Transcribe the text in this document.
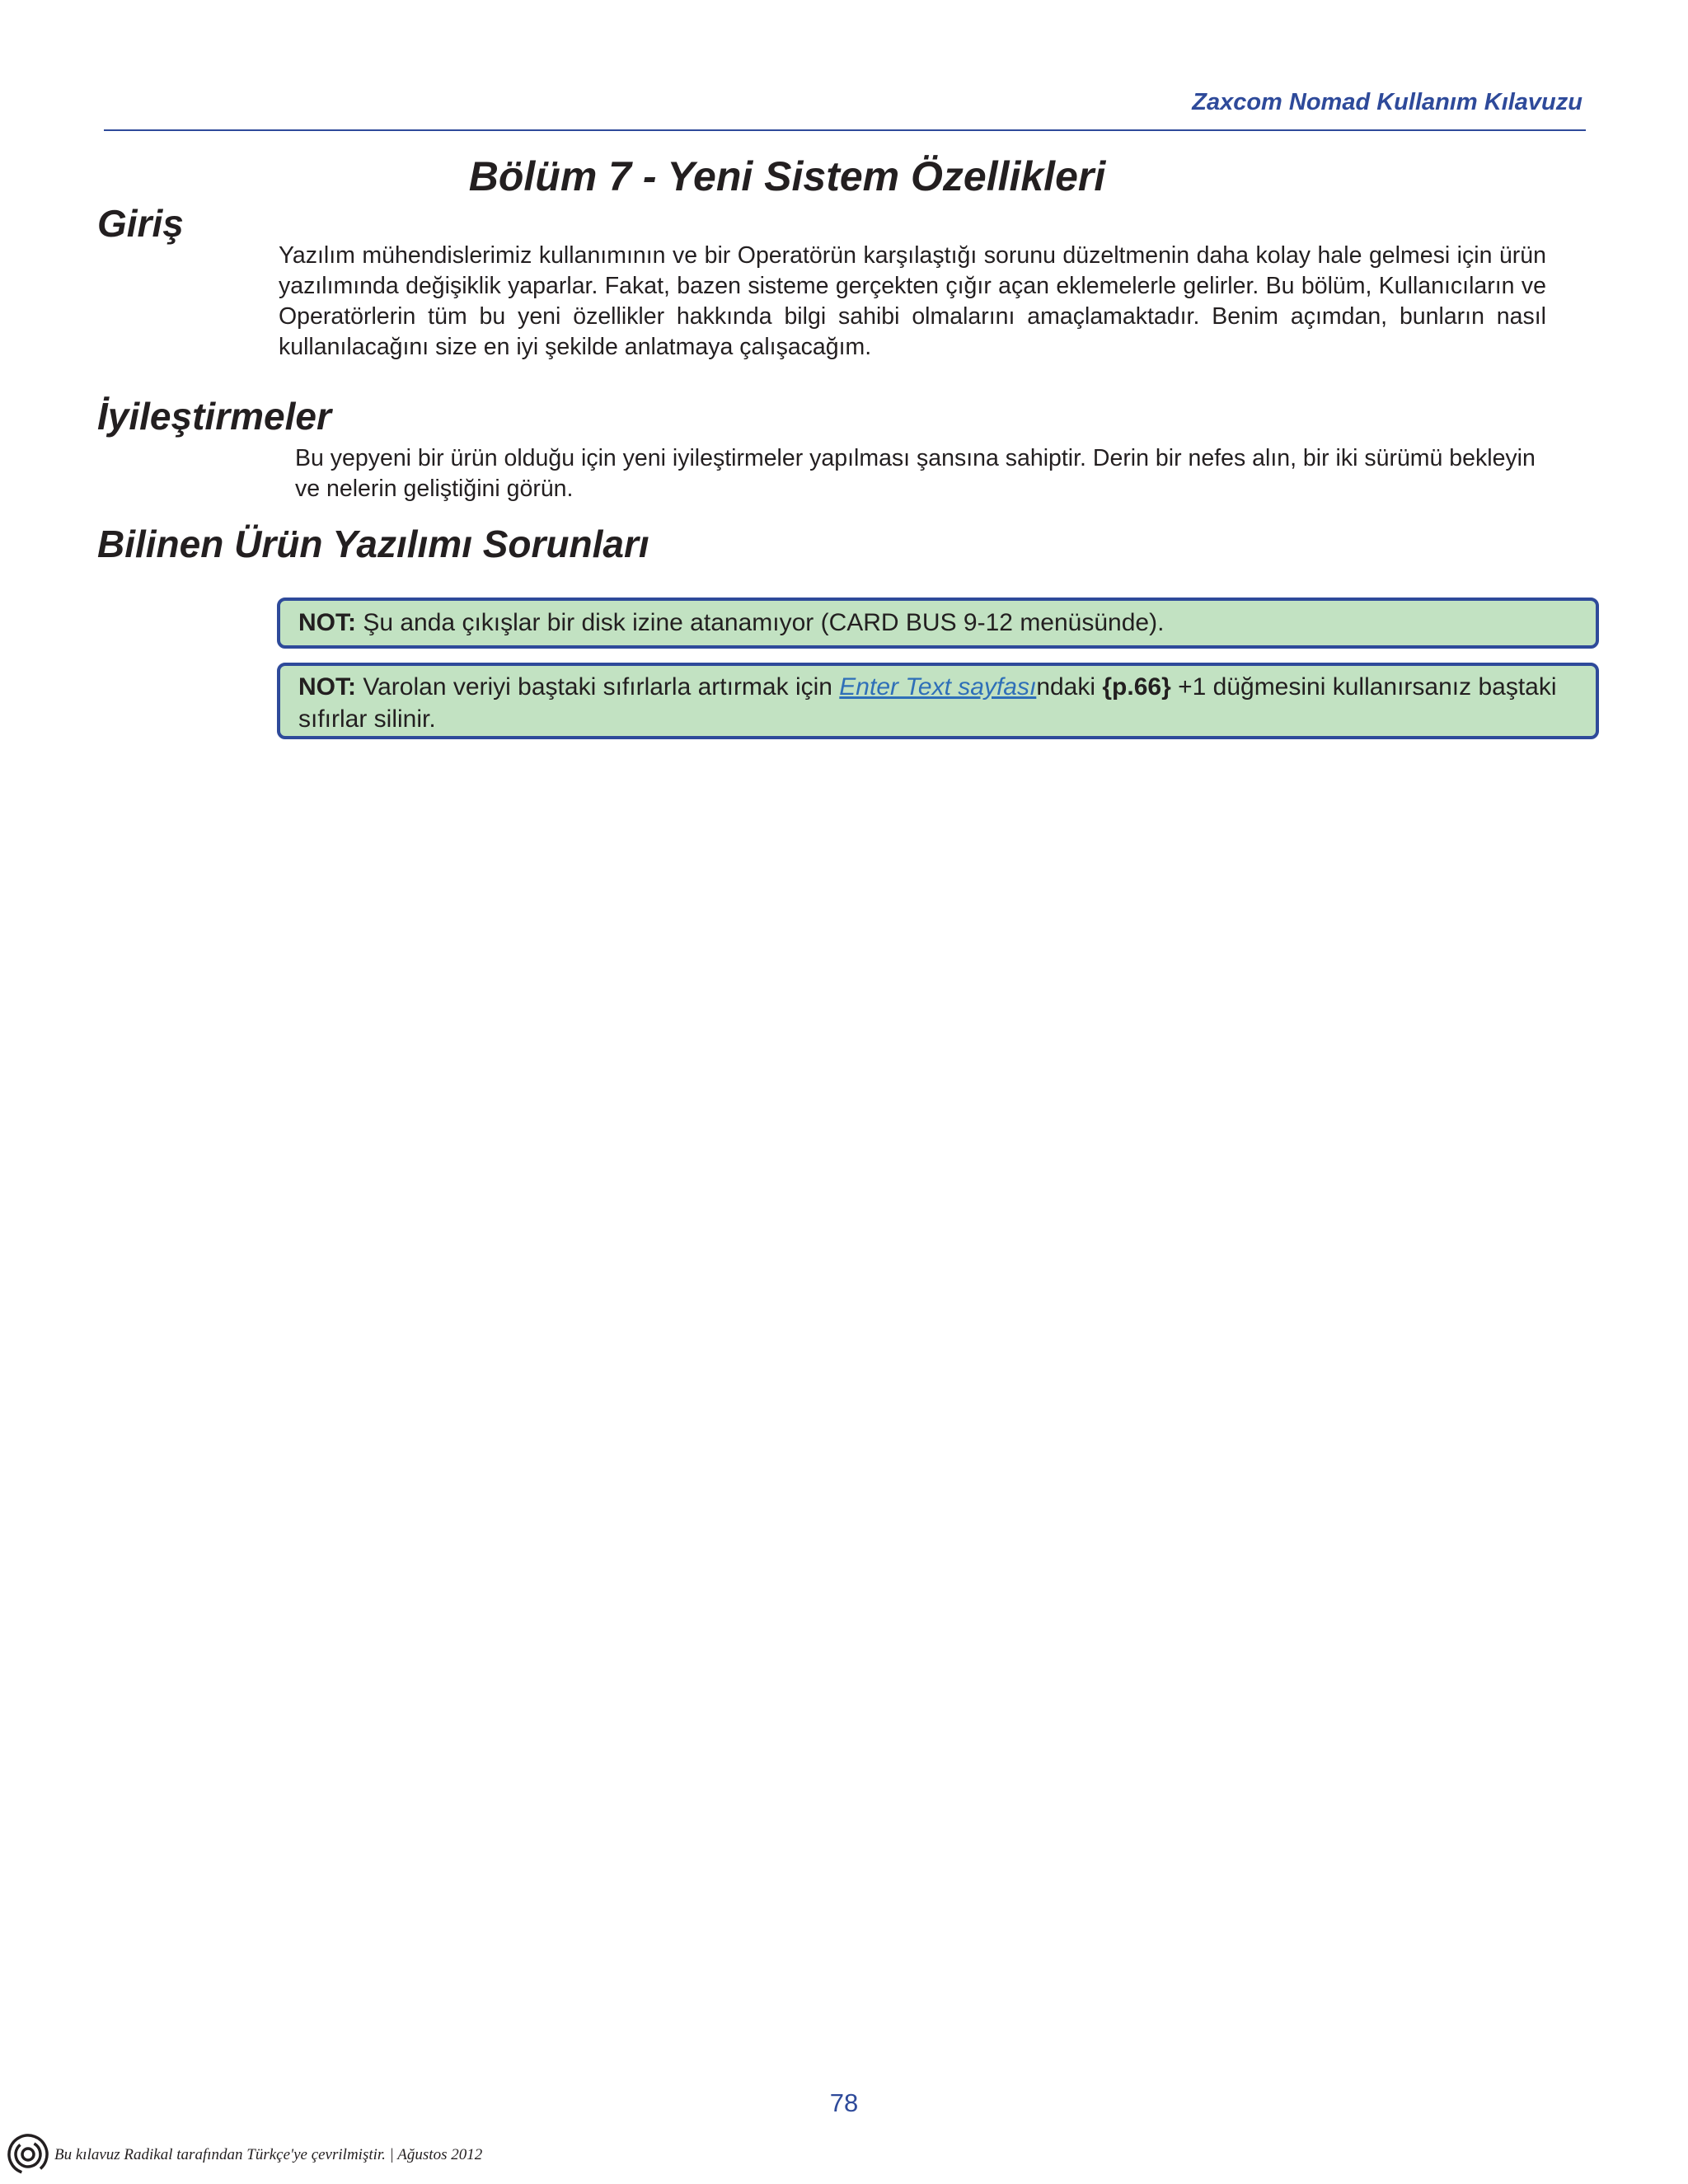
Zaxcom Nomad Kullanım Kılavuzu
Bölüm 7 - Yeni Sistem Özellikleri
Giriş

Yazılım mühendislerimiz kullanımının ve bir Operatörün karşılaştığı sorunu düzeltmenin daha kolay hale gelmesi için ürün yazılımında değişiklik yaparlar. Fakat, bazen sisteme gerçekten çığır açan eklemelerle gelirler. Bu bölüm, Kullanıcıların ve Operatörlerin tüm bu yeni özellikler hakkında bilgi sahibi olmalarını amaçlamaktadır. Benim açımdan, bunların nasıl kullanılacağını size en iyi şekilde anlatmaya çalışacağım.

İyileştirmeler

Bu yepyeni bir ürün olduğu için yeni iyileştirmeler yapılması şansına sahiptir. Derin bir nefes alın, bir iki sürümü bekleyin ve nelerin geliştiğini görün.

Bilinen Ürün Yazılımı Sorunları

NOT: Şu anda çıkışlar bir disk izine atanamıyor (CARD BUS 9-12 menüsünde).

NOT: Varolan veriyi baştaki sıfırlarla artırmak için Enter Text sayfasındaki {p.66} +1 düğmesini kullanırsanız baştaki sıfırlar silinir.

78
Bu kılavuz Radikal tarafından Türkçe'ye çevrilmiştir. | Ağustos 2012
